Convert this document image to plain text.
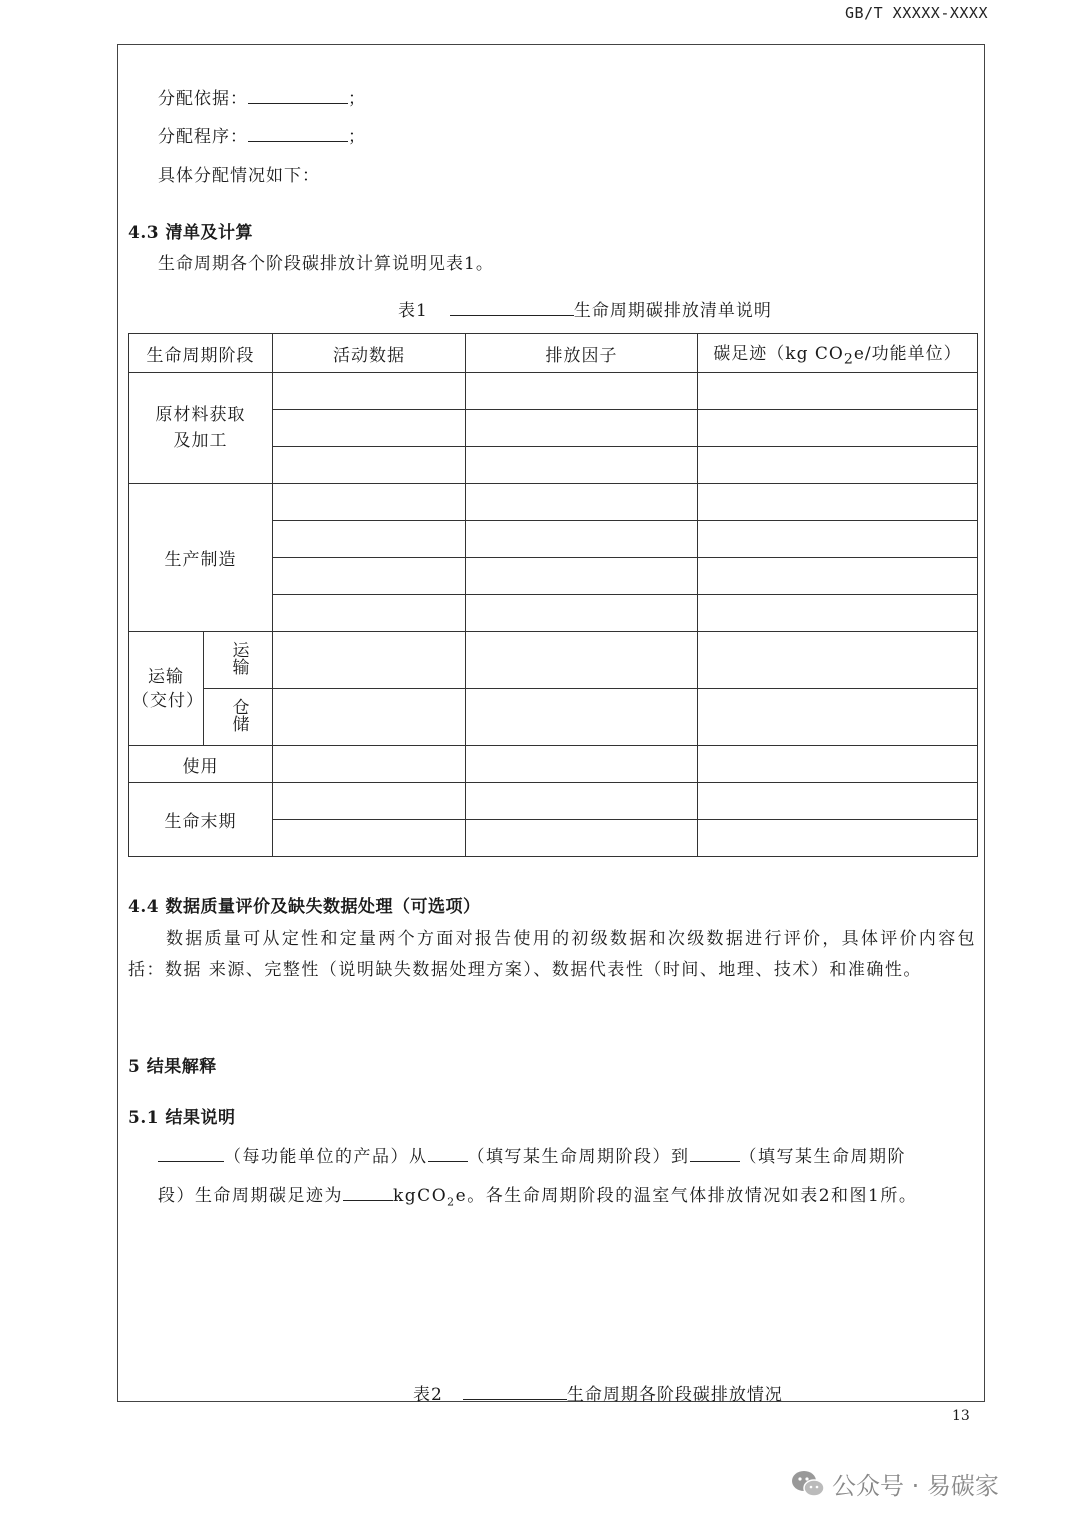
GB/T XXXXX-XXXX
分配依据：	；
分配程序：	；
具体分配情况如下：
4.3 清单及计算
生命周期各个阶段碳排放计算说明见表1。
表1	生命周期碳排放清单说明
生命周期阶段		活动数据	排放因子	碳足迹（kg $CO_2e/$功能单位）

原材料获取及加工				

生产制造				

运输（交付）	运输			
	仓储			
使用				
生命末期				

4.4 数据质量评价及缺失数据处理（可选项）
数据质量可从定性和定量两个方面对报告使用的初级数据和次级数据进行评价，具体评价内容包括：数据 来源、完整性（说明缺失数据处理方案）、数据代表性（时间、地理、技术）和准确性。
5 结果解释
5.1 结果说明
（每功能单位的产品）从 （填写某生命周期阶段）到	（填写某生命周期阶
段）生命周期碳足迹为	kgCO$_2$e。各生命周期阶段的温室气体排放情况如表2和图1所。
表2	生命周期各阶段碳排放情况
13
公众号 · 易碳家
